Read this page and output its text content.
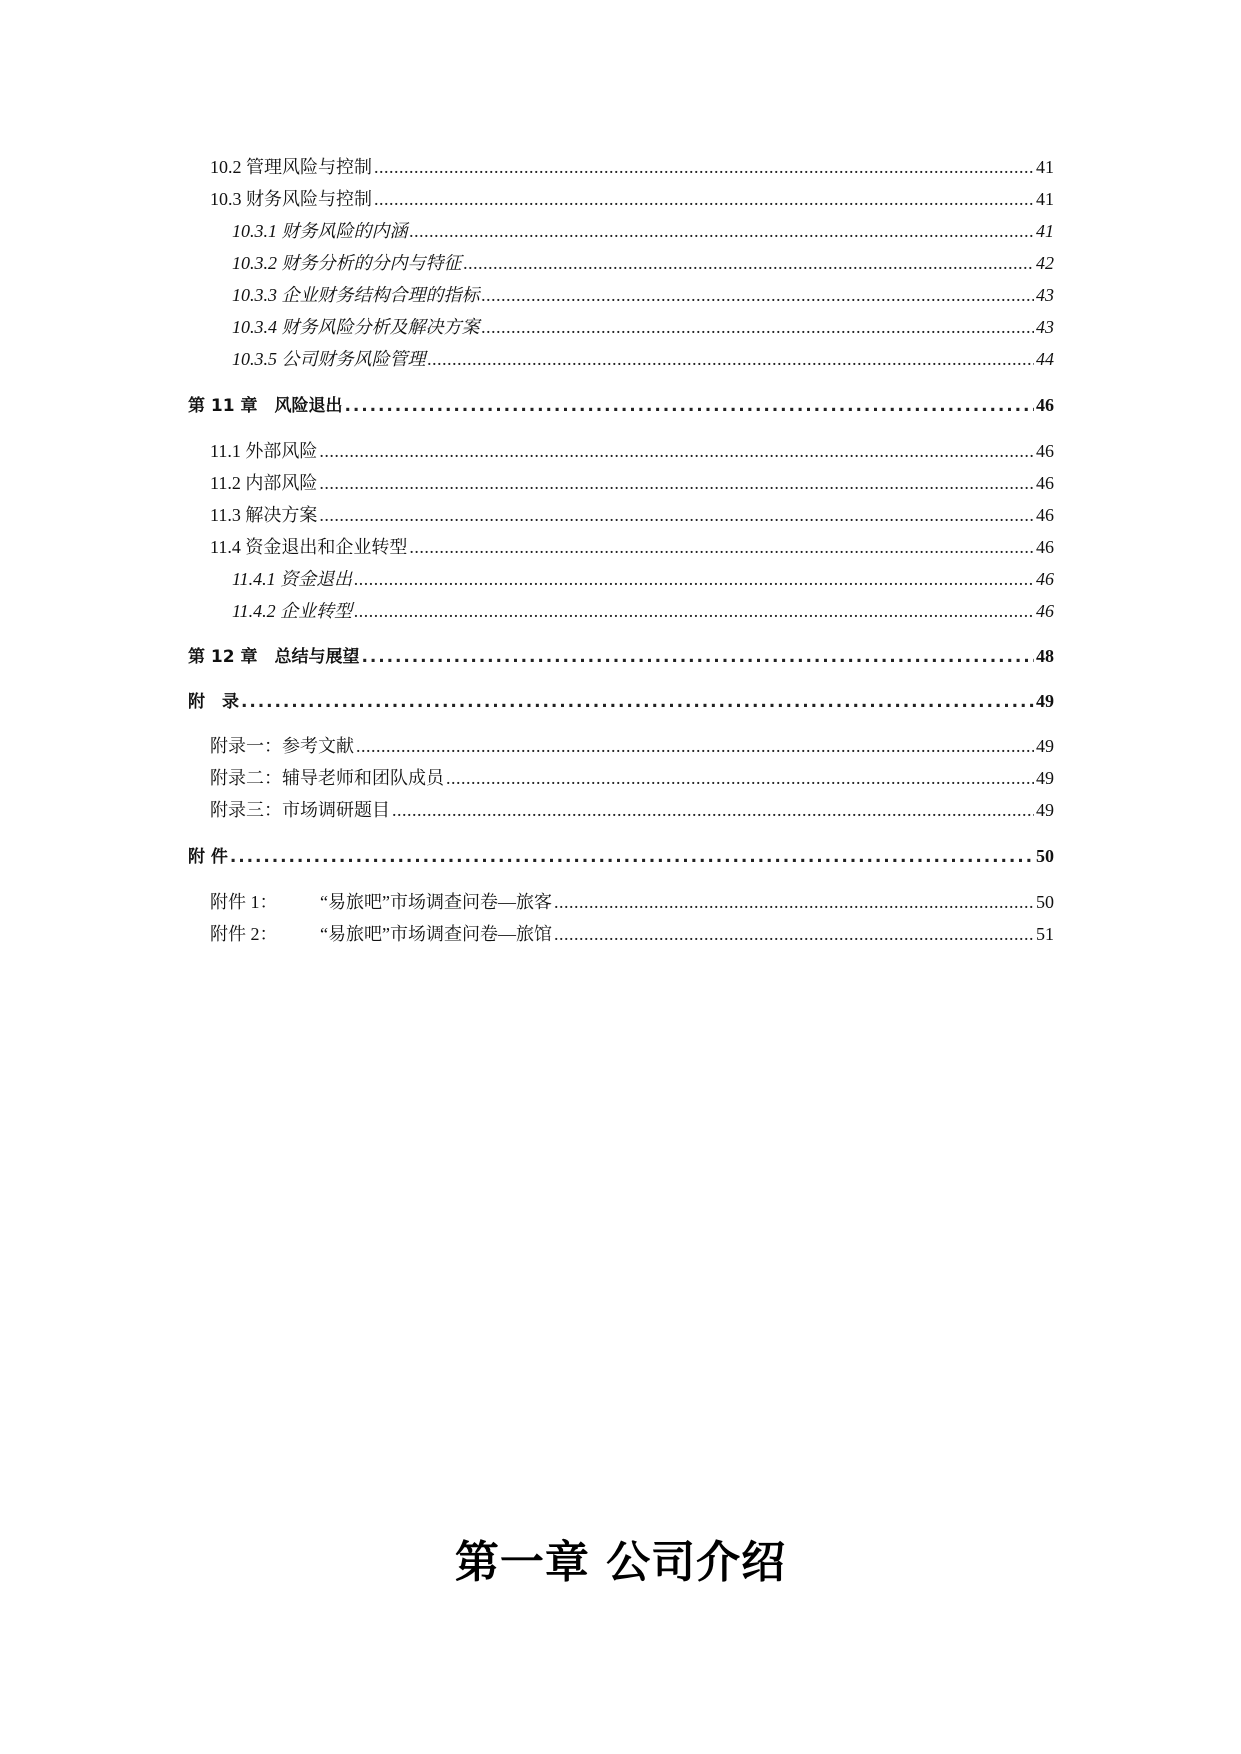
10.2 管理风险与控制 . . .	41
10.3 财务风险与控制 . . .	41
10.3.1 财务风险的内涵 . . .	41
10.3.2 财务分析的分内与特征 . . .	42
10.3.3 企业财务结构合理的指标 . . .	43
10.3.4 财务风险分析及解决方案 . . .	43
10.3.5 公司财务风险管理 . . .	44
第 11 章　风险退出 . . .	46
11.1 外部风险 . . .	46
11.2 内部风险 . . .	46
11.3 解决方案 . . .	46
11.4 资金退出和企业转型 . . .	46
11.4.1 资金退出 . . .	46
11.4.2 企业转型 . . .	46
第 12 章　总结与展望 . . .	48
附　录 . . .	49
附录一：参考文献 . . .	49
附录二：辅导老师和团队成员 . . .	49
附录三：市场调研题目 . . .	49
附 件 . . .	50
附件 1：	“易旅吧”市场调查问卷—旅客 . . .	50
附件 2：	“易旅吧”市场调查问卷—旅馆 . . .	51
第一章 公司介绍
